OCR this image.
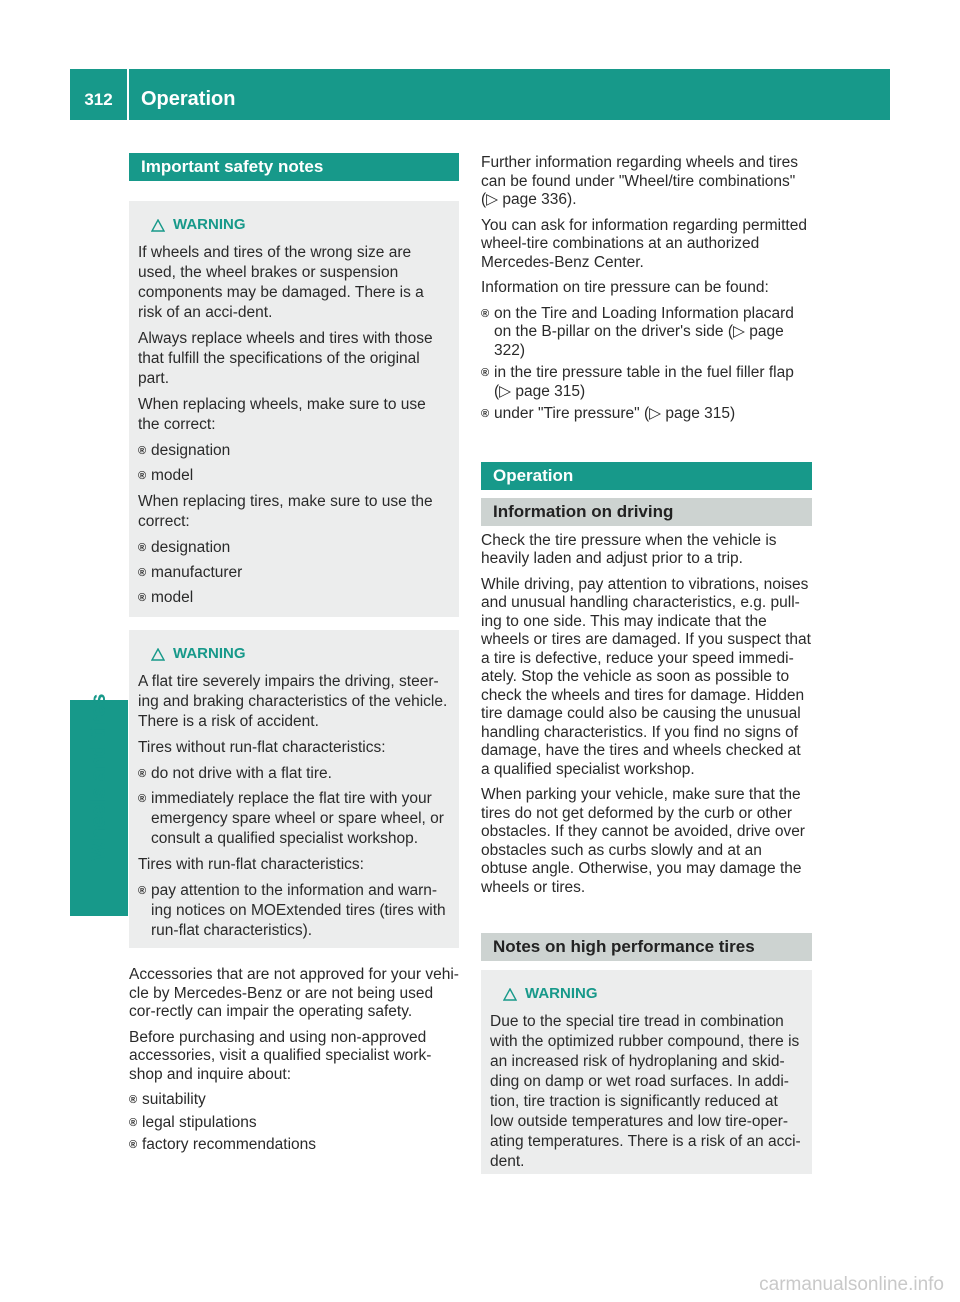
312	Operation
Wheels and tires
Important safety notes
WARNING

If wheels and tires of the wrong size are used, the wheel brakes or suspension components may be damaged. There is a risk of an acci-dent.

Always replace wheels and tires with those that fulfill the specifications of the original part.

When replacing wheels, make sure to use the correct:

® designation
® model

When replacing tires, make sure to use the correct:

® designation
® manufacturer
® model
WARNING

A flat tire severely impairs the driving, steer-ing and braking characteristics of the vehicle. There is a risk of accident.

Tires without run-flat characteristics:

® do not drive with a flat tire.
® immediately replace the flat tire with your emergency spare wheel or spare wheel, or consult a qualified specialist workshop.

Tires with run-flat characteristics:

® pay attention to the information and warn-ing notices on MOExtended tires (tires with run-flat characteristics).

Accessories that are not approved for your vehi-cle by Mercedes-Benz or are not being used cor-rectly can impair the operating safety.

Before purchasing and using non-approved accessories, visit a qualified specialist work-shop and inquire about:

® suitability
® legal stipulations
® factory recommendations

Further information regarding wheels and tires can be found under "Wheel/tire combinations" (▷ page 336).

You can ask for information regarding permitted wheel-tire combinations at an authorized Mercedes-Benz Center.

Information on tire pressure can be found:

® on the Tire and Loading Information placard on the B-pillar on the driver's side (▷ page 322)
® in the tire pressure table in the fuel filler flap (▷ page 315)
® under "Tire pressure" (▷ page 315)
Operation
Information on driving

Check the tire pressure when the vehicle is heavily laden and adjust prior to a trip.

While driving, pay attention to vibrations, noises and unusual handling characteristics, e.g. pull-ing to one side. This may indicate that the wheels or tires are damaged. If you suspect that a tire is defective, reduce your speed immedi-ately. Stop the vehicle as soon as possible to check the wheels and tires for damage. Hidden tire damage could also be causing the unusual handling characteristics. If you find no signs of damage, have the tires and wheels checked at a qualified specialist workshop.

When parking your vehicle, make sure that the tires do not get deformed by the curb or other obstacles. If they cannot be avoided, drive over obstacles such as curbs slowly and at an obtuse angle. Otherwise, you may damage the wheels or tires.

Notes on high performance tires
WARNING

Due to the special tire tread in combination with the optimized rubber compound, there is an increased risk of hydroplaning and skid-ding on damp or wet road surfaces. In addi-tion, tire traction is significantly reduced at low outside temperatures and low tire-oper-ating temperatures. There is a risk of an acci-dent.

carmanualsonline.info
